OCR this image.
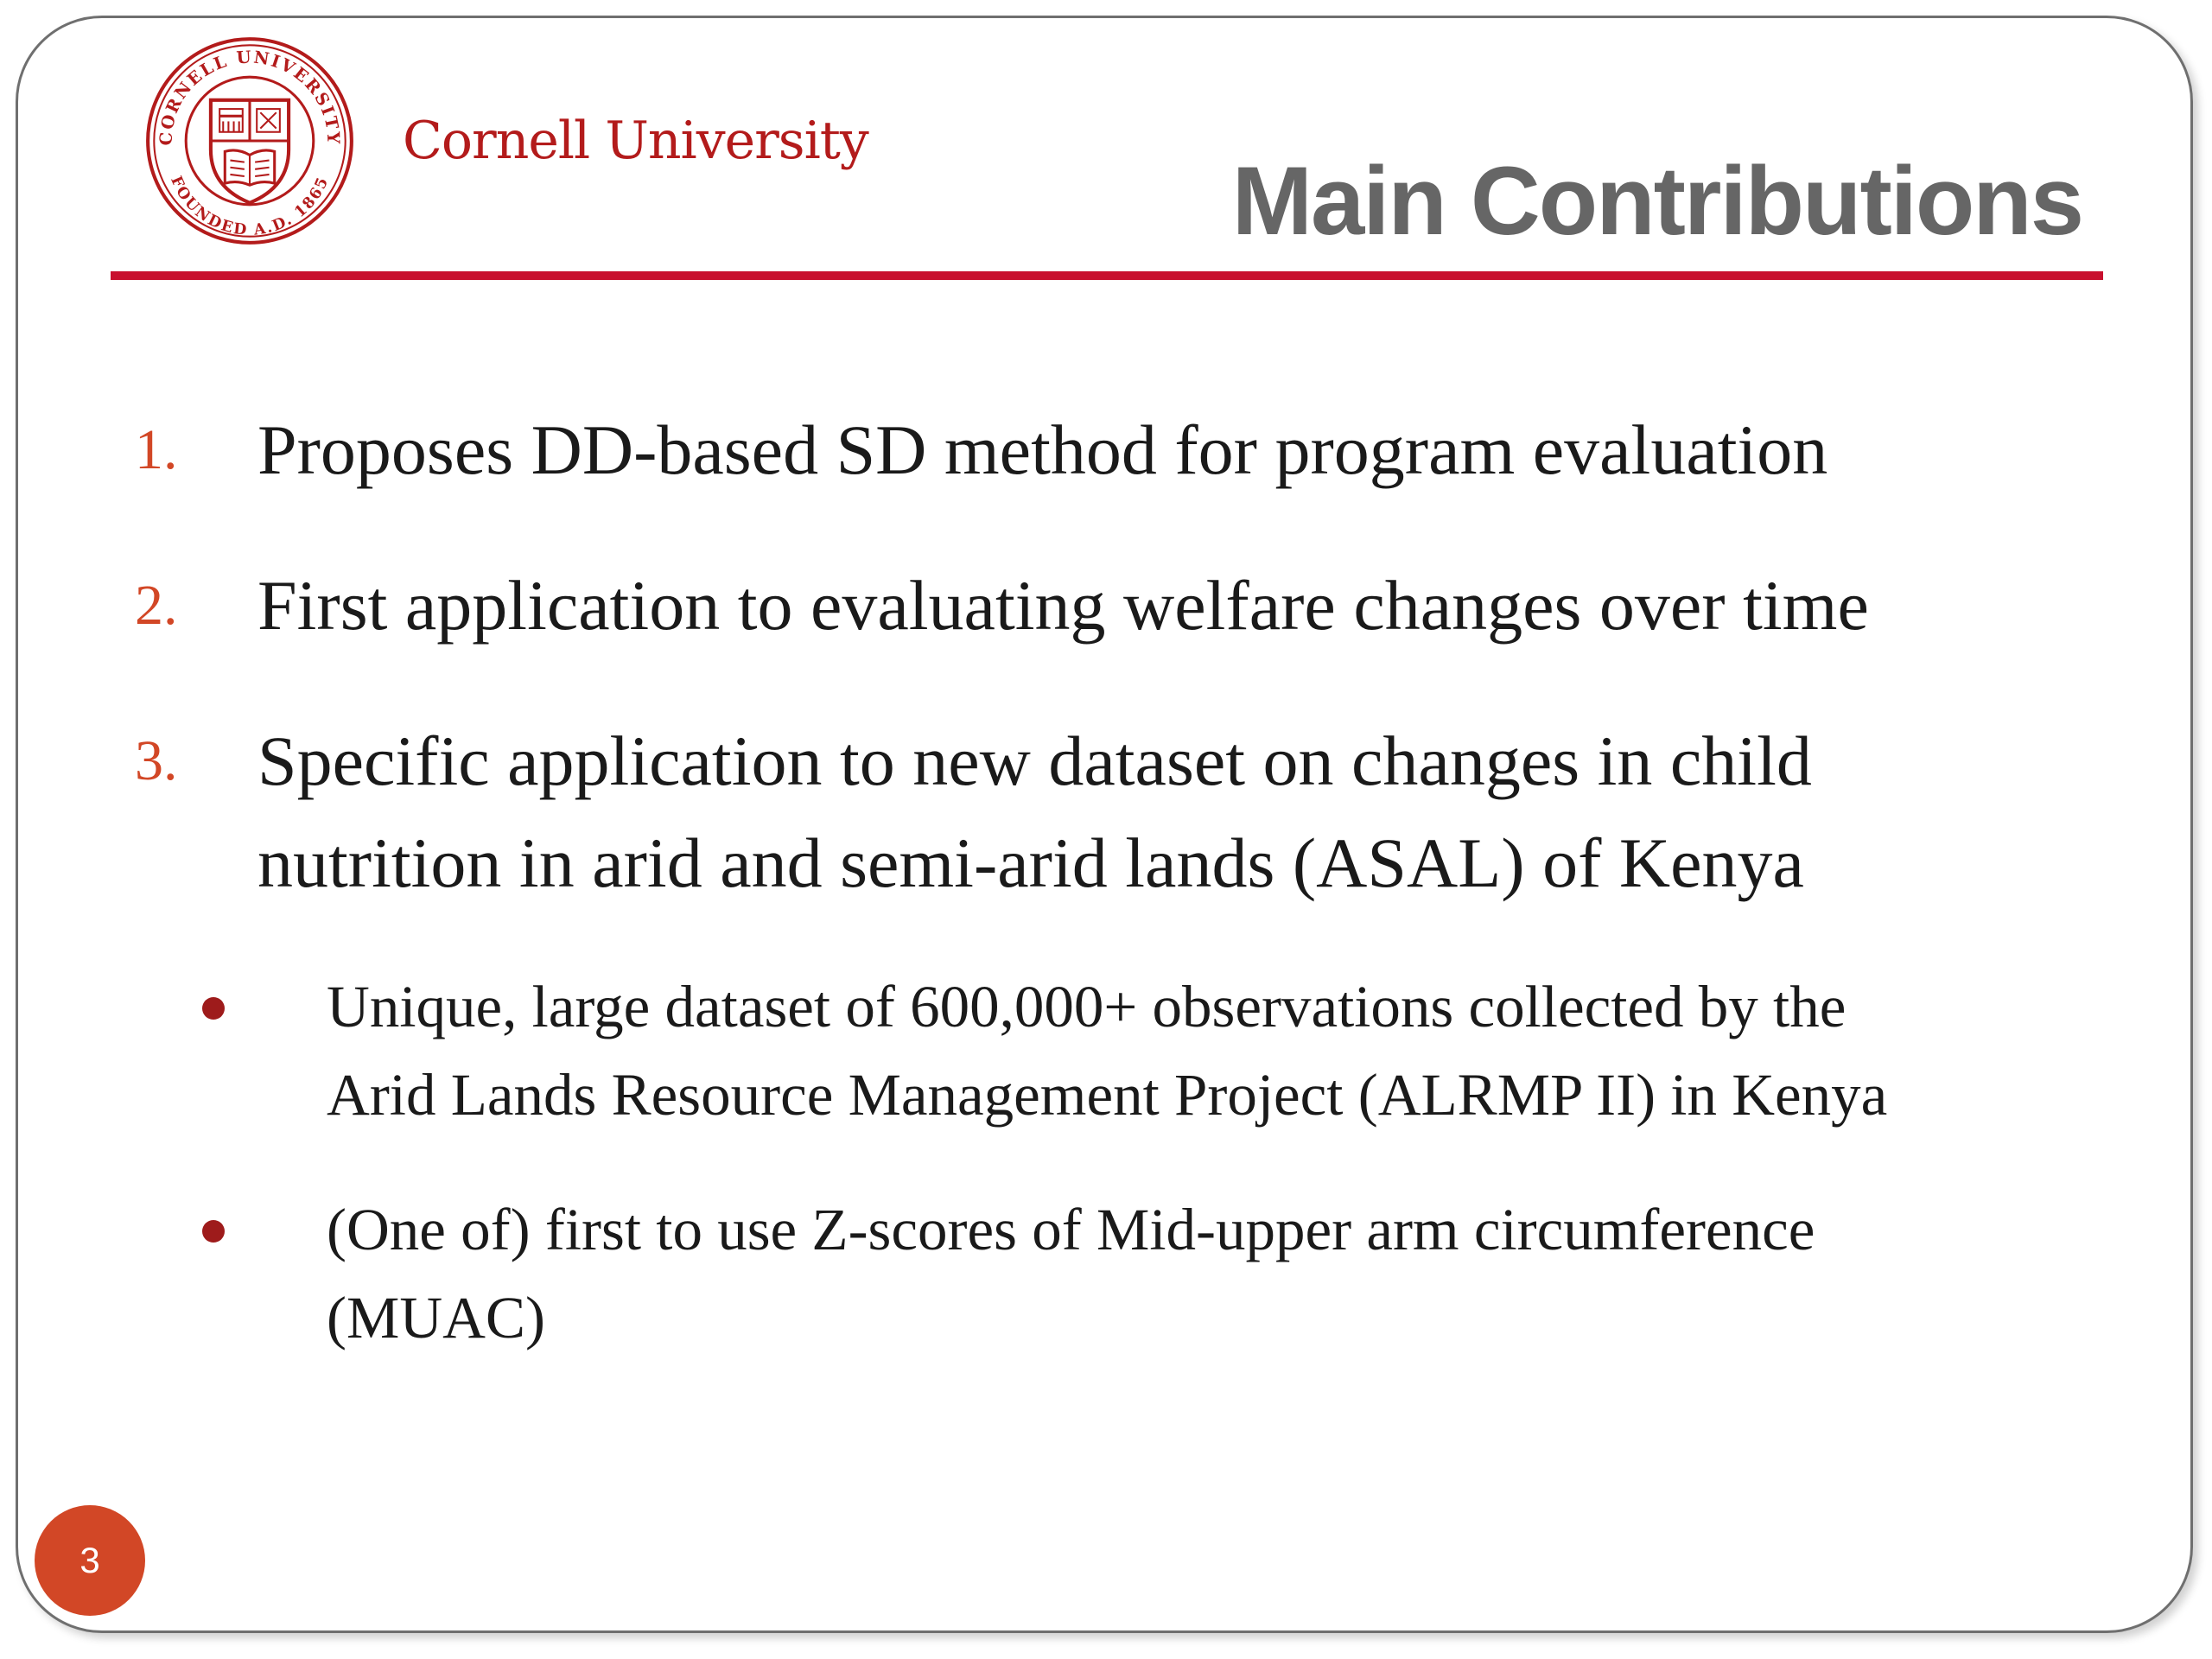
CORNELL UNIVERSITY
FOUNDED A.D. 1865
Cornell University
Main Contributions
1. Proposes DD-based SD method for program evaluation
2. First application to evaluating welfare changes over time
3. Specific application to new dataset on changes in child
nutrition in arid and semi-arid lands (ASAL) of Kenya
Unique, large dataset of 600,000+ observations collected by the
Arid Lands Resource Management Project (ALRMP II) in Kenya
(One of) first to use Z-scores of Mid-upper arm circumference
(MUAC)
3
